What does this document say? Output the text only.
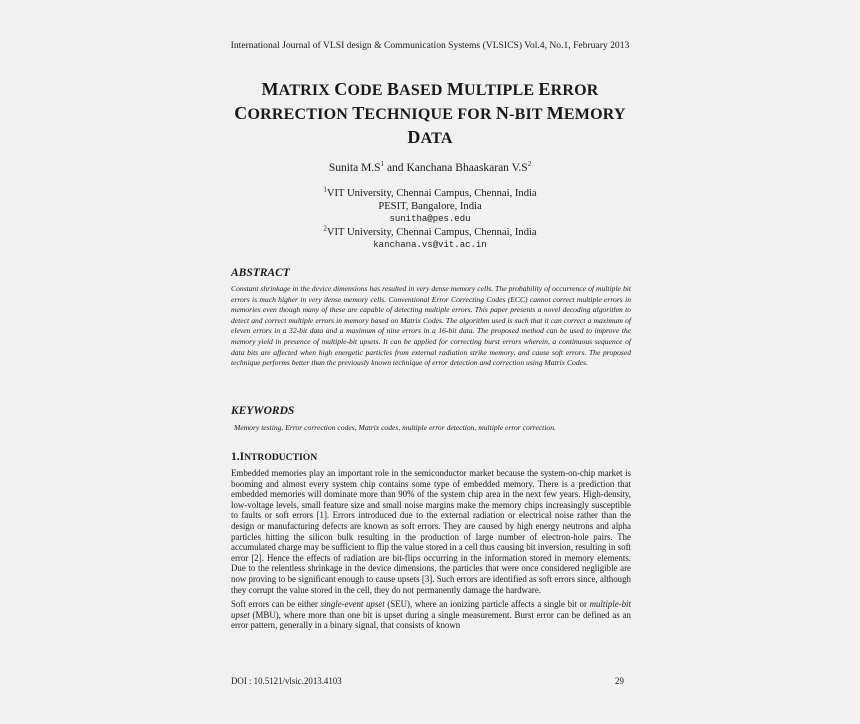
International Journal of VLSI design & Communication Systems (VLSICS) Vol.4, No.1, February 2013
MATRIX CODE BASED MULTIPLE ERROR
CORRECTION TECHNIQUE FOR N-BIT MEMORY
DATA
Sunita $M.S^1$ and Kanchana Bhaaskaran $V.S^2$
$^1$VIT University, Chennai Campus, Chennai, India
PESIT, Bangalore, India
sunitha@pes.edu
$^2$VIT University, Chennai Campus, Chennai, India
kanchana.vs@vit.ac.in
ABSTRACT
Constant shrinkage in the device dimensions has resulted in very dense memory cells. The probability of occurrence of multiple bit errors is much higher in very dense memory cells. Conventional Error Correcting Codes (ECC) cannot correct multiple errors in memories even though many of these are capable of detecting multiple errors. This paper presents a novel decoding algorithm to detect and correct multiple errors in memory based on Matrix Codes. The algorithm used is such that it can correct a maximum of eleven errors in a 32-bit data and a maximum of nine errors in a 16-bit data. The proposed method can be used to improve the memory yield in presence of multiple-bit upsets. It can be applied for correcting burst errors wherein, a continuous sequence of data bits are affected when high energetic particles from external radiation strike memory, and cause soft errors. The proposed technique performs better than the previously known technique of error detection and correction using Matrix Codes.
KEYWORDS
Memory testing, Error correction codes, Matrix codes, multiple error detection, multiple error correction.
1.INTRODUCTION

Embedded memories play an important role in the semiconductor market because the system-on-chip market is booming and almost every system chip contains some type of embedded memory. There is a prediction that embedded memories will dominate more than 90% of the system chip area in the next few years. High-density, low-voltage levels, small feature size and small noise margins make the memory chips increasingly susceptible to faults or soft errors [1]. Errors introduced due to the external radiation or electrical noise rather than the design or manufacturing defects are known as soft errors. They are caused by high energy neutrons and alpha particles hitting the silicon bulk resulting in the production of large number of electron-hole pairs. The accumulated charge may be sufficient to flip the value stored in a cell thus causing bit inversion, resulting in soft error [2]. Hence the effects of radiation are bit-flips occurring in the information stored in memory elements. Due to the relentless shrinkage in the device dimensions, the particles that were once considered negligible are now proving to be significant enough to cause upsets [3]. Such errors are identified as soft errors since, although they corrupt the value stored in the cell, they do not permanently damage the hardware.

Soft errors can be either single-event upset (SEU), where an ionizing particle affects a single bit or multiple-bit upset (MBU), where more than one bit is upset during a single measurement. Burst error can be defined as an error pattern, generally in a binary signal, that consists of known

DOI : 10.5121/vlsic.2013.4103	29
